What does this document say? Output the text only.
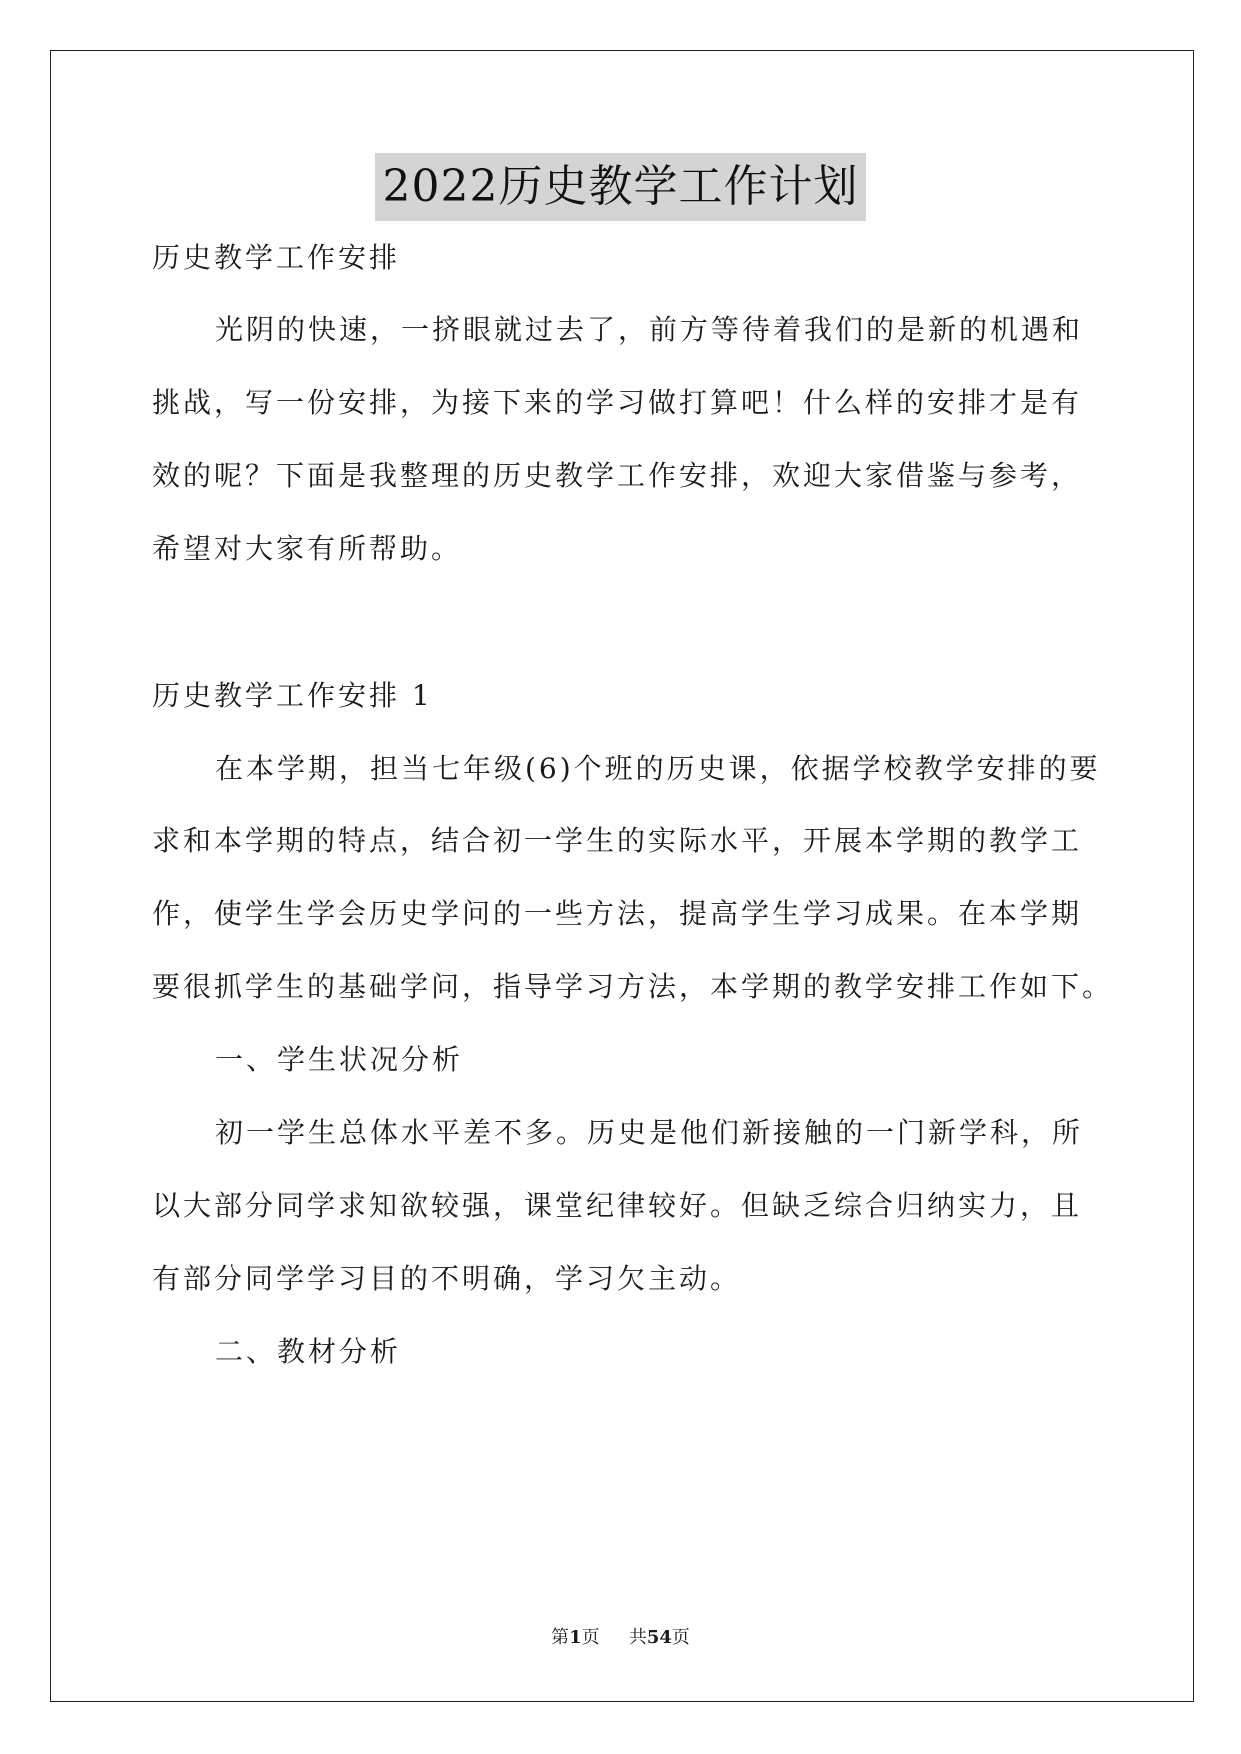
2022历史教学工作计划
历史教学工作安排
光阴的快速，一挤眼就过去了，前方等待着我们的是新的机遇和
挑战，写一份安排，为接下来的学习做打算吧！什么样的安排才是有
效的呢？下面是我整理的历史教学工作安排，欢迎大家借鉴与参考，
希望对大家有所帮助。
历史教学工作安排 1
在本学期，担当七年级(6)个班的历史课，依据学校教学安排的要
求和本学期的特点，结合初一学生的实际水平，开展本学期的教学工
作，使学生学会历史学问的一些方法，提高学生学习成果。在本学期
要很抓学生的基础学问，指导学习方法，本学期的教学安排工作如下。
一、学生状况分析
初一学生总体水平差不多。历史是他们新接触的一门新学科，所
以大部分同学求知欲较强，课堂纪律较好。但缺乏综合归纳实力，且
有部分同学学习目的不明确，学习欠主动。
二、教材分析
第1页 共54页
